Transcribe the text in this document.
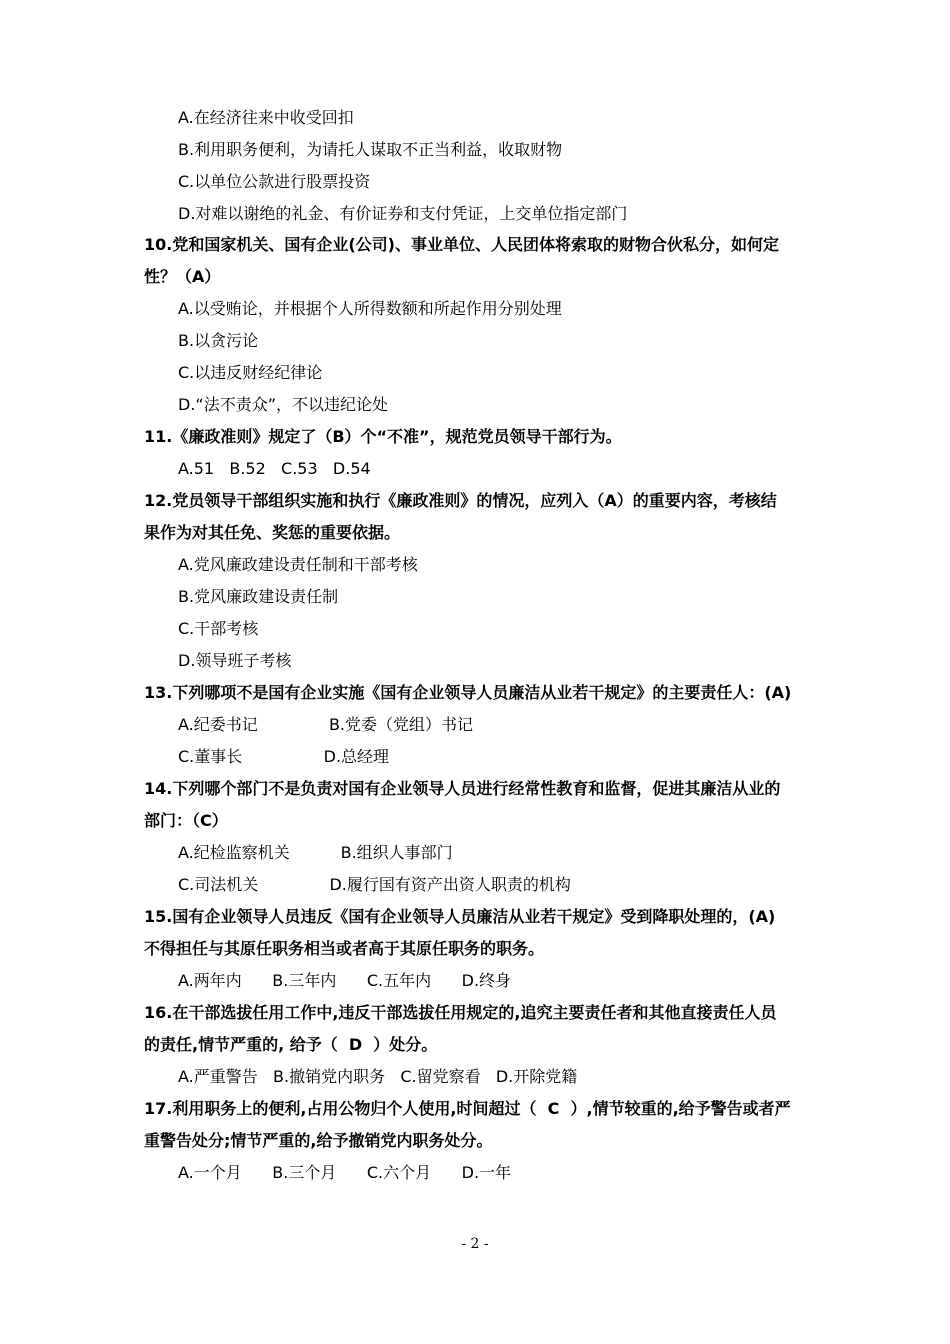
A.在经济往来中收受回扣
B.利用职务便利，为请托人谋取不正当利益，收取财物
C.以单位公款进行股票投资
D.对难以谢绝的礼金、有价证券和支付凭证，上交单位指定部门
10.党和国家机关、国有企业(公司)、事业单位、人民团体将索取的财物合伙私分，如何定
性？（A）
A.以受贿论，并根据个人所得数额和所起作用分别处理
B.以贪污论
C.以违反财经纪律论
D.“法不责众”，不以违纪论处
11.《廉政准则》规定了（B）个“不准”，规范党员领导干部行为。
A.51   B.52   C.53   D.54
12.党员领导干部组织实施和执行《廉政准则》的情况，应列入（A）的重要内容，考核结
果作为对其任免、奖惩的重要依据。
A.党风廉政建设责任制和干部考核
B.党风廉政建设责任制
C.干部考核
D.领导班子考核
13.下列哪项不是国有企业实施《国有企业领导人员廉洁从业若干规定》的主要责任人：(A)
A.纪委书记              B.党委（党组）书记
C.董事长                D.总经理
14.下列哪个部门不是负责对国有企业领导人员进行经常性教育和监督，促进其廉洁从业的
部门：（C）
A.纪检监察机关          B.组织人事部门
C.司法机关              D.履行国有资产出资人职责的机构
15.国有企业领导人员违反《国有企业领导人员廉洁从业若干规定》受到降职处理的，(A)
不得担任与其原任职务相当或者高于其原任职务的职务。
A.两年内      B.三年内      C.五年内      D.终身
16.在干部选拔任用工作中,违反干部选拔任用规定的,追究主要责任者和其他直接责任人员
的责任,情节严重的, 给予（  D  ）处分。
A.严重警告   B.撤销党内职务   C.留党察看   D.开除党籍
17.利用职务上的便利,占用公物归个人使用,时间超过（  C  ）,情节较重的,给予警告或者严
重警告处分;情节严重的,给予撤销党内职务处分。
A.一个月      B.三个月      C.六个月      D.一年
- 2 -
